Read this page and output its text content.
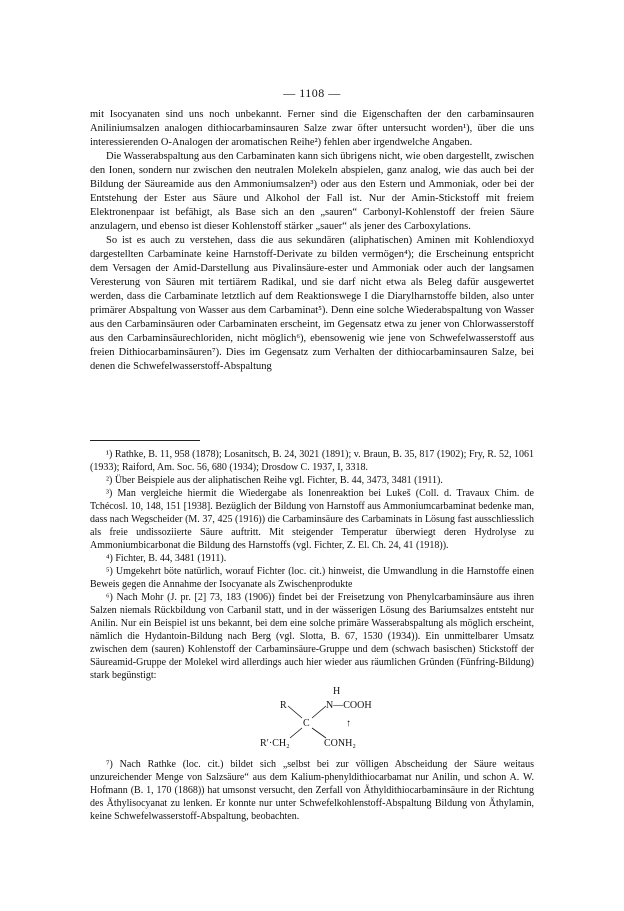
— 1108 —

mit Isocyanaten sind uns noch unbekannt. Ferner sind die Eigenschaften der den carbaminsauren Aniliniumsalzen analogen dithiocarbaminsauren Salze zwar öfter untersucht worden¹), über die uns interessierenden O-Analogen der aromatischen Reihe²) fehlen aber irgendwelche Angaben.

Die Wasserabspaltung aus den Carbaminaten kann sich übrigens nicht, wie oben dargestellt, zwischen den Ionen, sondern nur zwischen den neutralen Molekeln abspielen, ganz analog, wie das auch bei der Bildung der Säureamide aus den Ammoniumsalzen³) oder aus den Estern und Ammoniak, oder bei der Entstehung der Ester aus Säure und Alkohol der Fall ist. Nur der Amin-Stickstoff mit freiem Elektronenpaar ist befähigt, als Base sich an den „sauren“ Carbonyl-Kohlenstoff der freien Säure anzulagern, und ebenso ist dieser Kohlenstoff stärker „sauer“ als jener des Carboxylations.

So ist es auch zu verstehen, dass die aus sekundären (aliphatischen) Aminen mit Kohlendioxyd dargestellten Carbaminate keine Harnstoff-Derivate zu bilden vermögen⁴); die Erscheinung entspricht dem Versagen der Amid-Darstellung aus Pivalinsäure-ester und Ammoniak oder auch der langsamen Veresterung von Säuren mit tertiärem Radikal, und sie darf nicht etwa als Beleg dafür ausgewertet werden, dass die Carbaminate letztlich auf dem Reaktionswege I die Diarylharnstoffe bilden, also unter primärer Abspaltung von Wasser aus dem Carbaminat⁵). Denn eine solche Wiederabspaltung von Wasser aus den Carbaminsäuren oder Carbaminaten erscheint, im Gegensatz etwa zu jener von Chlorwasserstoff aus den Carbaminsäurechloriden, nicht möglich⁶), ebensowenig wie jene von Schwefelwasserstoff aus freien Dithiocarbaminsäuren⁷). Dies im Gegensatz zum Verhalten der dithiocarbaminsauren Salze, bei denen die Schwefelwasserstoff-Abspaltung

¹) Rathke, B. 11, 958 (1878); Losanitsch, B. 24, 3021 (1891); v. Braun, B. 35, 817 (1902); Fry, R. 52, 1061 (1933); Raiford, Am. Soc. 56, 680 (1934); Drosdow C. 1937, I, 3318.

²) Über Beispiele aus der aliphatischen Reihe vgl. Fichter, B. 44, 3473, 3481 (1911).

³) Man vergleiche hiermit die Wiedergabe als Ionenreaktion bei Lukeš (Coll. d. Travaux Chim. de Tchécosl. 10, 148, 151 [1938]. Bezüglich der Bildung von Harnstoff aus Ammoniumcarbaminat bedenke man, dass nach Wegscheider (M. 37, 425 (1916)) die Carbaminsäure des Carbaminats in Lösung fast ausschliesslich als freie undissoziierte Säure auftritt. Mit steigender Temperatur überwiegt deren Hydrolyse zu Ammoniumbicarbonat die Bildung des Harnstoffs (vgl. Fichter, Z. El. Ch. 24, 41 (1918)).

⁴) Fichter, B. 44, 3481 (1911).

⁵) Umgekehrt böte natürlich, worauf Fichter (loc. cit.) hinweist, die Umwandlung in die Harnstoffe einen Beweis gegen die Annahme der Isocyanate als Zwischenprodukte

⁶) Nach Mohr (J. pr. [2] 73, 183 (1906)) findet bei der Freisetzung von Phenylcarbaminsäure aus ihren Salzen niemals Rückbildung von Carbanil statt, und in der wässerigen Lösung des Bariumsalzes entsteht nur Anilin. Nur ein Beispiel ist uns bekannt, bei dem eine solche primäre Wasserabspaltung als möglich erscheint, nämlich die Hydantoin-Bildung nach Berg (vgl. Slotta, B. 67, 1530 (1934)). Ein unmittelbarer Umsatz zwischen dem (sauren) Kohlenstoff der Carbaminsäure-Gruppe und dem (schwach basischen) Stickstoff der Säureamid-Gruppe der Molekel wird allerdings auch hier wieder aus räumlichen Gründen (Fünfring-Bildung) stark begünstigt:

H
R	N—COOH
C	↑
R′·CH₂	CONH₂

⁷) Nach Rathke (loc. cit.) bildet sich „selbst bei zur völligen Abscheidung der Säure weitaus unzureichender Menge von Salzsäure“ aus dem Kalium-phenyldithiocarbamat nur Anilin, und schon A. W. Hofmann (B. 1, 170 (1868)) hat umsonst versucht, den Zerfall von Äthyldithiocarbaminsäure in der Richtung des Äthylisocyanat zu lenken. Er konnte nur unter Schwefelkohlenstoff-Abspaltung Bildung von Äthylamin, keine Schwefelwasserstoff-Abspaltung, beobachten.
